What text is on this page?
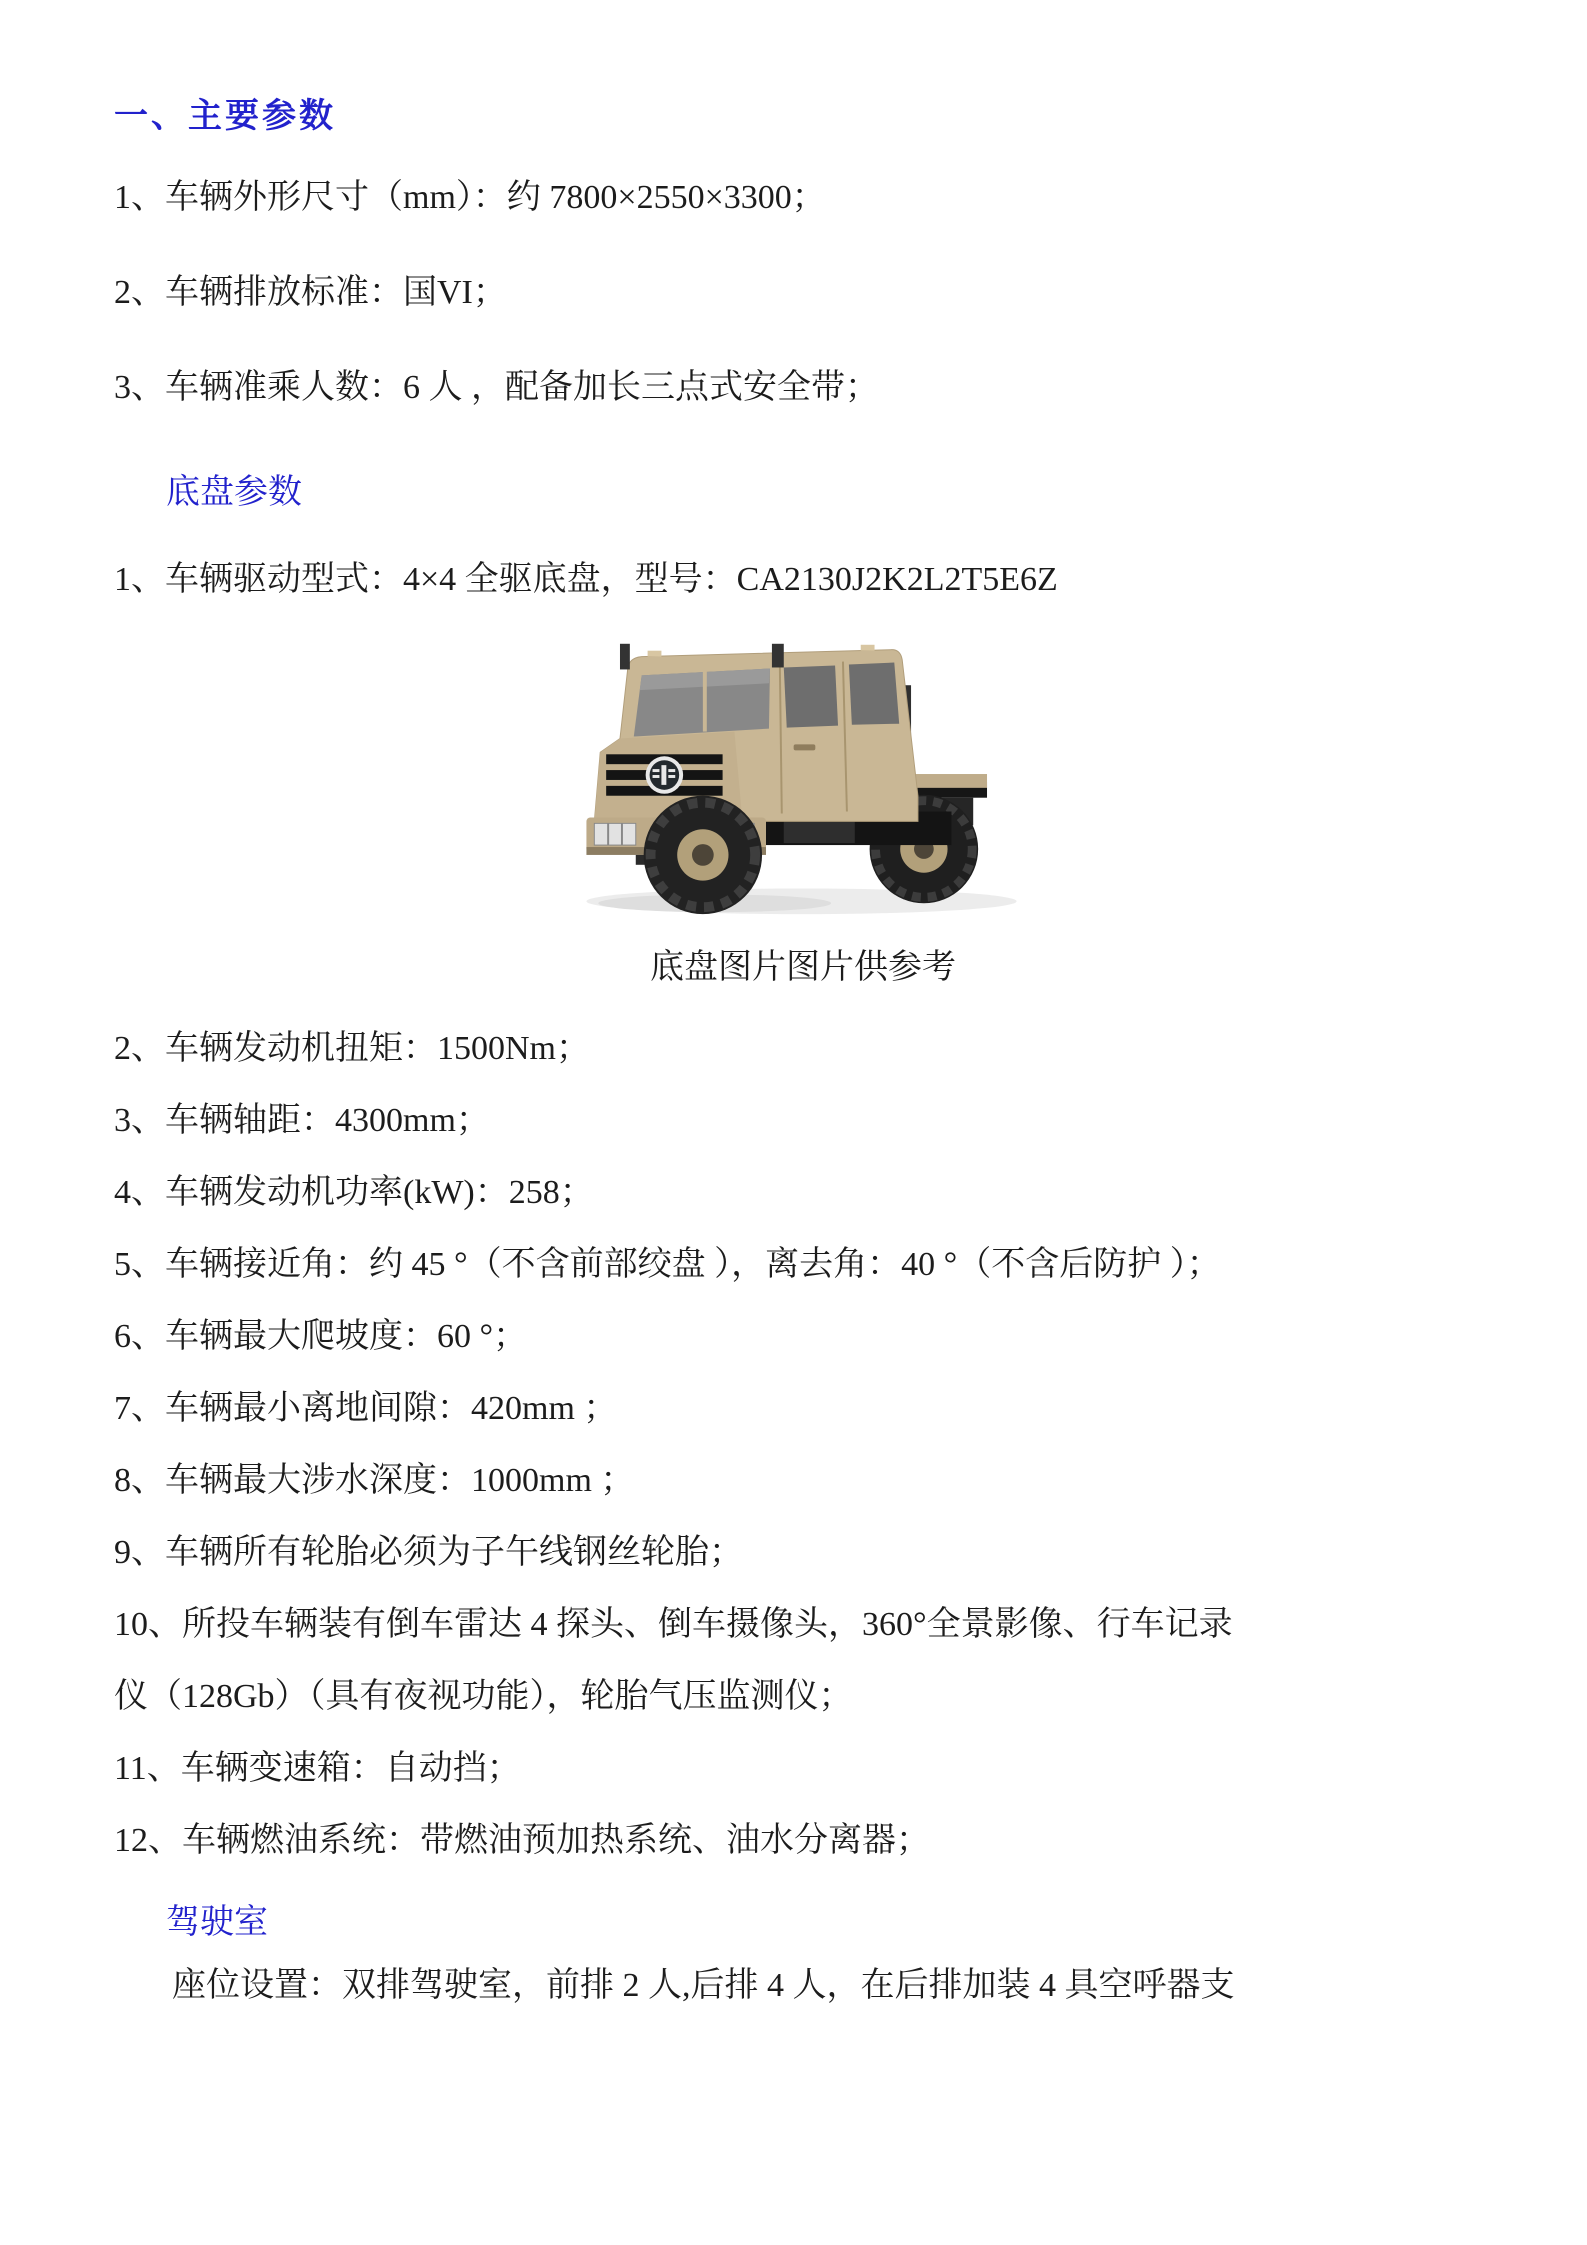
一、主要参数

1、车辆外形尺寸（mm）：约 7800×2550×3300；

2、车辆排放标准：国VI；

3、车辆准乘人数：6 人 ，配备加长三点式安全带；

底盘参数

1、车辆驱动型式：4×4 全驱底盘，型号：CA2130J2K2L2T5E6Z

底盘图片图片供参考

2、车辆发动机扭矩：1500Nm；

3、车辆轴距：4300mm；

4、车辆发动机功率(kW)：258；

5、车辆接近角：约 45 °（不含前部绞盘 ），离去角：40 °（不含后防护 ）；

6、车辆最大爬坡度：60 °；

7、车辆最小离地间隙：420mm ；

8、车辆最大涉水深度：1000mm ；

9、车辆所有轮胎必须为子午线钢丝轮胎；

10、所投车辆装有倒车雷达 4 探头、倒车摄像头，360°全景影像、行车记录

仪（128Gb）（具有夜视功能），轮胎气压监测仪；

11、车辆变速箱：自动挡；

12、车辆燃油系统：带燃油预加热系统、油水分离器；

驾驶室

座位设置：双排驾驶室，前排 2 人,后排 4 人，在后排加装 4 具空呼器支
